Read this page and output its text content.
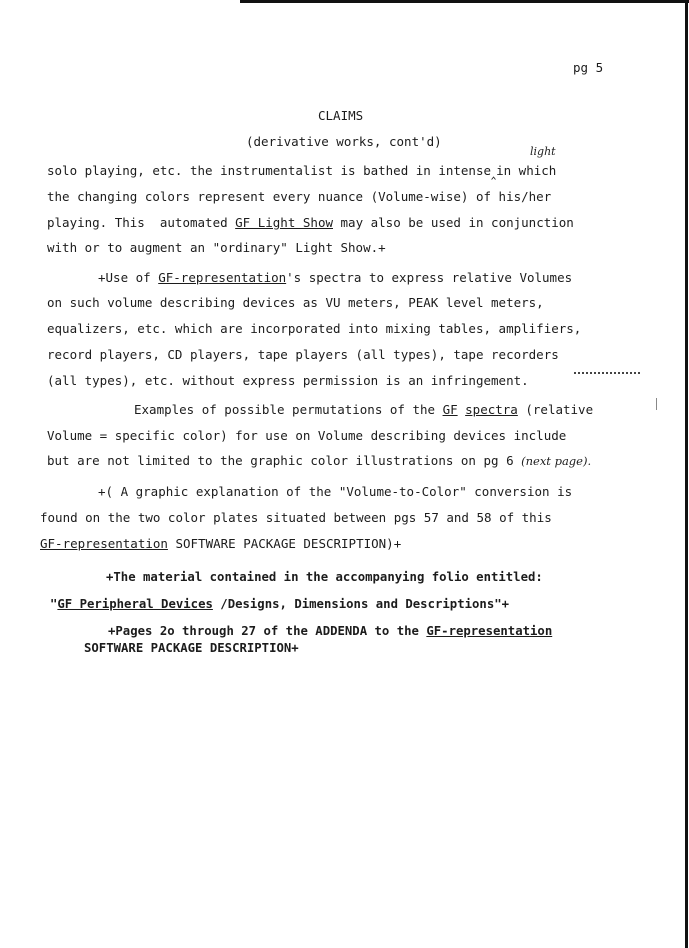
pg 5
CLAIMS
(derivative works, cont'd)
light
solo playing, etc. the instrumentalist is bathed in intense‸in which
the changing colors represent every nuance (Volume-wise) of his/her
playing. This  automated GF Light Show may also be used in conjunction
with or to augment an "ordinary" Light Show.+
+Use of GF-representation's spectra to express relative Volumes
on such volume describing devices as VU meters, PEAK level meters,
equalizers, etc. which are incorporated into mixing tables, amplifiers,
record players, CD players, tape players (all types), tape recorders
(all types), etc. without express permission is an infringement.
Examples of possible permutations of the GF spectra (relative
Volume = specific color) for use on Volume describing devices include
but are not limited to the graphic color illustrations on pg 6 (next page).
+( A graphic explanation of the "Volume-to-Color" conversion is
found on the two color plates situated between pgs 57 and 58 of this
GF-representation SOFTWARE PACKAGE DESCRIPTION)+
+The material contained in the accompanying folio entitled:
"GF Peripheral Devices /Designs, Dimensions and Descriptions"+
+Pages 2o through 27 of the ADDENDA to the GF-representation
SOFTWARE PACKAGE DESCRIPTION+
